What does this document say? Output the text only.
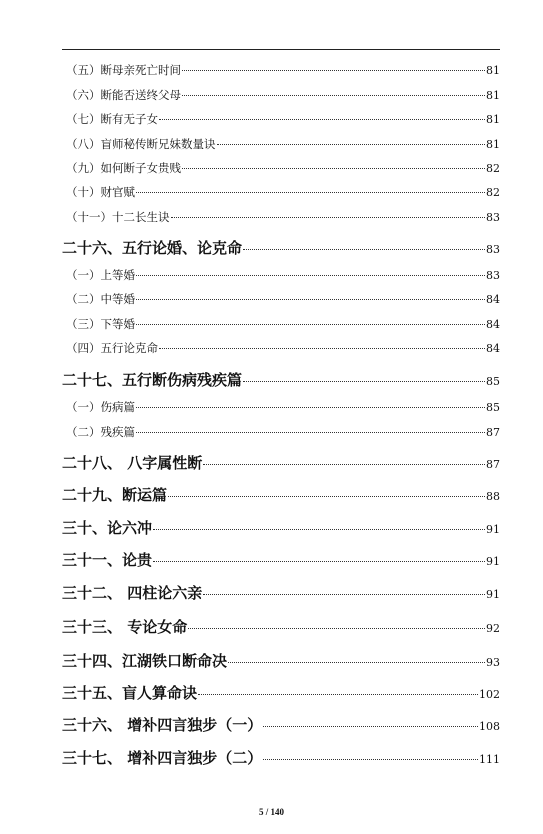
（五）断母亲死亡时间	81
（六）断能否送终父母	81
（七）断有无子女	81
（八）盲师秘传断兄妹数量诀	81
（九）如何断子女贵贱	82
（十）财官赋	82
（十一）十二长生诀	83
二十六、五行论婚、论克命	83
（一）上等婚	83
（二）中等婚	84
（三）下等婚	84
（四）五行论克命	84
二十七、五行断伤病残疾篇	85
（一）伤病篇	85
（二）残疾篇	87
二十八、 八字属性断	87
二十九、断运篇	88
三十、论六冲	91
三十一、论贵	91
三十二、 四柱论六亲	91
三十三、 专论女命	92
三十四、江湖铁口断命决	93
三十五、盲人算命诀	102
三十六、 增补四言独步（一）	108
三十七、 增补四言独步（二）	111
5 / 140
